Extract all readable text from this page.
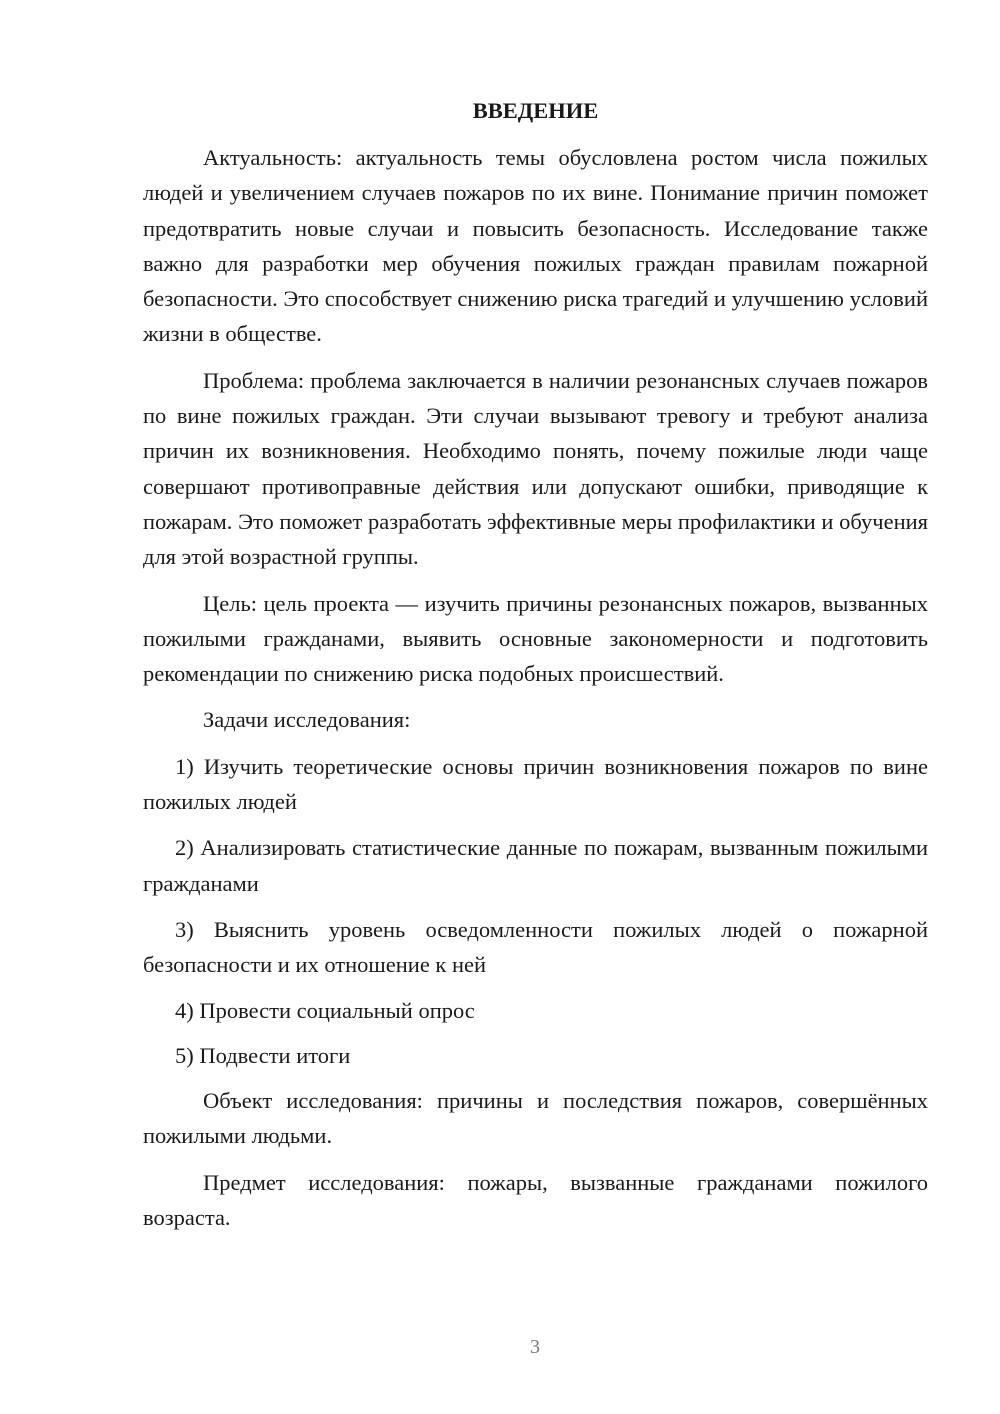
ВВЕДЕНИЕ

Актуальность: актуальность темы обусловлена ростом числа пожилых людей и увеличением случаев пожаров по их вине. Понимание причин поможет предотвратить новые случаи и повысить безопасность. Исследование также важно для разработки мер обучения пожилых граждан правилам пожарной безопасности. Это способствует снижению риска трагедий и улучшению условий жизни в обществе.

Проблема: проблема заключается в наличии резонансных случаев пожаров по вине пожилых граждан. Эти случаи вызывают тревогу и требуют анализа причин их возникновения. Необходимо понять, почему пожилые люди чаще совершают противоправные действия или допускают ошибки, приводящие к пожарам. Это поможет разработать эффективные меры профилактики и обучения для этой возрастной группы.

Цель: цель проекта — изучить причины резонансных пожаров, вызванных пожилыми гражданами, выявить основные закономерности и подготовить рекомендации по снижению риска подобных происшествий.

Задачи исследования:

1) Изучить теоретические основы причин возникновения пожаров по вине пожилых людей

2) Анализировать статистические данные по пожарам, вызванным пожилыми гражданами

3) Выяснить уровень осведомленности пожилых людей о пожарной безопасности и их отношение к ней

4) Провести социальный опрос

5) Подвести итоги

Объект исследования: причины и последствия пожаров, совершённых пожилыми людьми.

Предмет исследования: пожары, вызванные гражданами пожилого возраста.

3
